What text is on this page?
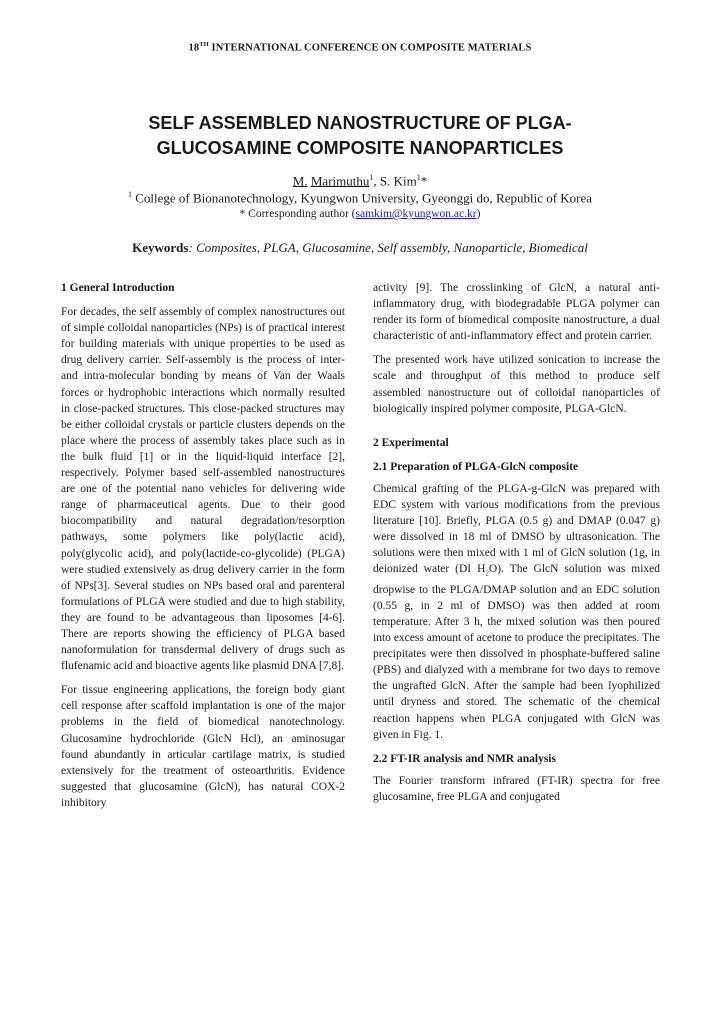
18TH INTERNATIONAL CONFERENCE ON COMPOSITE MATERIALS
SELF ASSEMBLED NANOSTRUCTURE OF PLGA-
GLUCOSAMINE COMPOSITE NANOPARTICLES
M. Marimuthu$^1$, S. Kim$^1$*
$^1$ College of Bionanotechnology, Kyungwon University, Gyeonggi do, Republic of Korea
* Corresponding author (samkim@kyungwon.ac.kr)
Keywords: Composites, PLGA, Glucosamine, Self assembly, Nanoparticle, Biomedical
1 General Introduction

For decades, the self assembly of complex nanostructures out of simple colloidal nanoparticles (NPs) is of practical interest for building materials with unique properties to be used as drug delivery carrier. Self-assembly is the process of inter- and intra-molecular bonding by means of Van der Waals forces or hydrophobic interactions which normally resulted in close-packed structures. This close-packed structures may be either colloidal crystals or particle clusters depends on the place where the process of assembly takes place such as in the bulk fluid [1] or in the liquid-liquid interface [2], respectively. Polymer based self-assembled nanostructures are one of the potential nano vehicles for delivering wide range of pharmaceutical agents. Due to their good biocompatibility and natural degradation/resorption pathways, some polymers like poly(lactic acid), poly(glycolic acid), and poly(lactide-co-glycolide) (PLGA) were studied extensively as drug delivery carrier in the form of NPs[3]. Several studies on NPs based oral and parenteral formulations of PLGA were studied and due to high stability, they are found to be advantageous than liposomes [4-6]. There are reports showing the efficiency of PLGA based nanoformulation for transdermal delivery of drugs such as flufenamic acid and bioactive agents like plasmid DNA [7,8].

For tissue engineering applications, the foreign body giant cell response after scaffold implantation is one of the major problems in the field of biomedical nanotechnology. Glucosamine hydrochloride (GlcN Hcl), an aminosugar found abundantly in articular cartilage matrix, is studied extensively for the treatment of osteoarthritis. Evidence suggested that glucosamine (GlcN), has natural COX-2 inhibitory

activity [9]. The crosslinking of GlcN, a natural anti-inflammatory drug, with biodegradable PLGA polymer can render its form of biomedical composite nanostructure, a dual characteristic of anti-inflammatory effect and protein carrier.

The presented work have utilized sonication to increase the scale and throughput of this method to produce self assembled nanostructure out of colloidal nanoparticles of biologically inspired polymer composite, PLGA-GlcN.

2 Experimental
2.1 Preparation of PLGA-GlcN composite

Chemical grafting of the PLGA-g-GlcN was prepared with EDC system with various modifications from the previous literature [10]. Briefly, PLGA (0.5 g) and DMAP (0.047 g) were dissolved in 18 ml of DMSO by ultrasonication. The solutions were then mixed with 1 ml of GlcN solution (1g, in deionized water (DI $H_2O$). The GlcN solution was mixed dropwise to the PLGA/DMAP solution and an EDC solution (0.55 g, in 2 ml of DMSO) was then added at room temperature. After 3 h, the mixed solution was then poured into excess amount of acetone to produce the precipitates. The precipitates were then dissolved in phosphate-buffered saline (PBS) and dialyzed with a membrane for two days to remove the ungrafted GlcN. After the sample had been lyophilized until dryness and stored. The schematic of the chemical reaction happens when PLGA conjugated with GlcN was given in Fig. 1.

2.2 FT-IR analysis and NMR analysis

The Fourier transform infrared (FT-IR) spectra for free glucosamine, free PLGA and conjugated
